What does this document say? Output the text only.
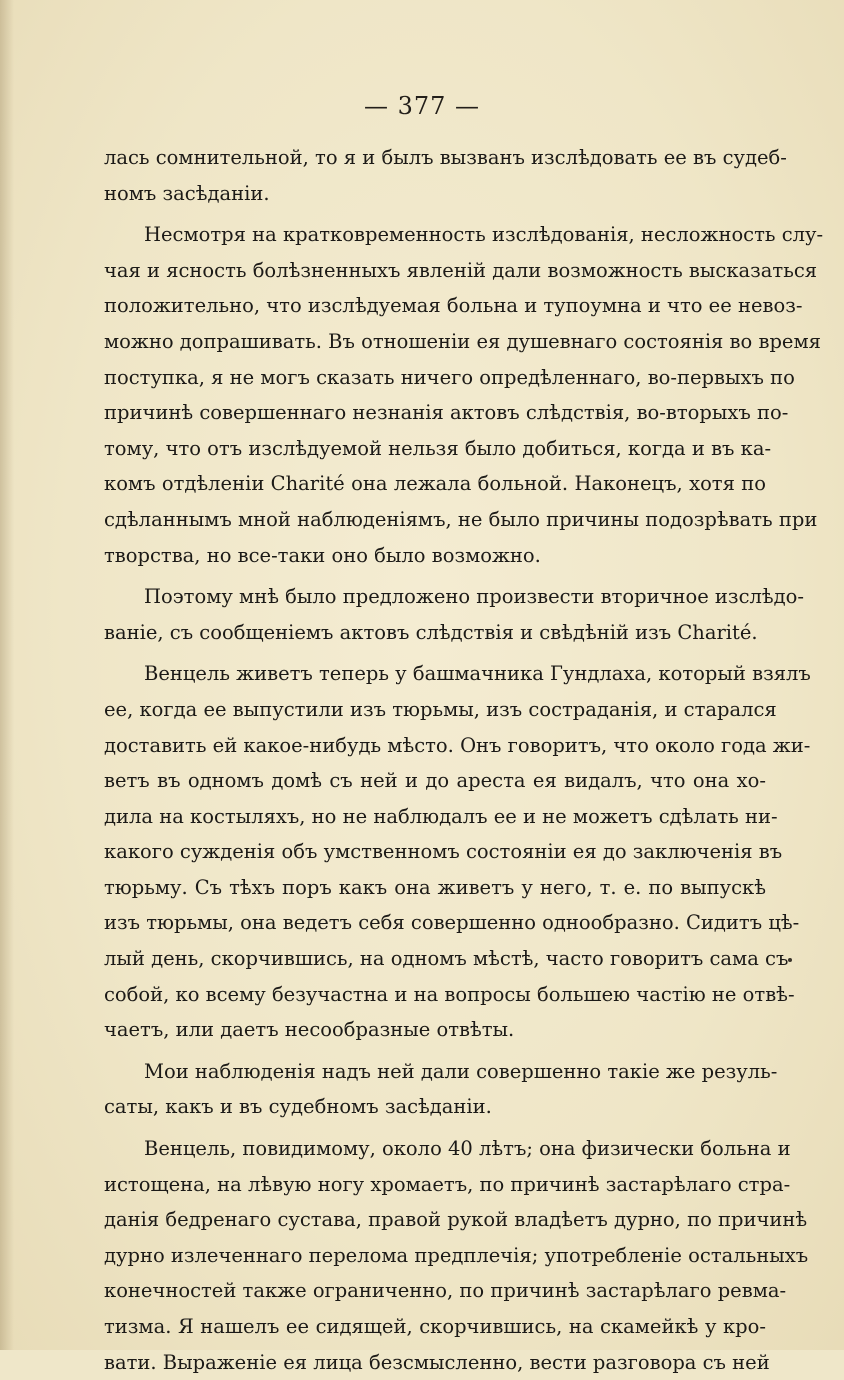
— 377 —
лась сомнительной, то я и былъ вызванъ изслѣдовать ее въ судеб-
номъ засѣданіи.
Несмотря на кратковременность изслѣдованія, несложность слу-
чая и ясность болѣзненныхъ явленій дали возможность высказаться
положительно, что изслѣдуемая больна и тупоумна и что ее невоз-
можно допрашивать. Въ отношеніи ея душевнаго состоянія во время
поступка, я не могъ сказать ничего опредѣленнаго, во-первыхъ по
причинѣ совершеннаго незнанія актовъ слѣдствія, во-вторыхъ по-
тому, что отъ изслѣдуемой нельзя было добиться, когда и въ ка-
комъ отдѣленіи Charité она лежала больной. Наконецъ, хотя по
сдѣланнымъ мной наблюденіямъ, не было причины подозрѣвать при
творства, но все-таки оно было возможно.
Поэтому мнѣ было предложено произвести вторичное изслѣдо-
ваніе, съ сообщеніемъ актовъ слѣдствія и свѣдѣній изъ Charité.
Венцель живетъ теперь у башмачника Гундлаха, который взялъ
ее, когда ее выпустили изъ тюрьмы, изъ состраданія, и старался
доставить ей какое-нибудь мѣсто. Онъ говоритъ, что около года жи-
ветъ въ одномъ домѣ съ ней и до ареста ея видалъ, что она хо-
дила на костыляхъ, но не наблюдалъ ее и не можетъ сдѣлать ни-
какого сужденія объ умственномъ состояніи ея до заключенія въ
тюрьму. Съ тѣхъ поръ какъ она живетъ у него, т. е. по выпускѣ
изъ тюрьмы, она ведетъ себя совершенно однообразно. Сидитъ цѣ-
лый день, скорчившись, на одномъ мѣстѣ, часто говоритъ сама съ
собой, ко всему безучастна и на вопросы большею частію не отвѣ-
чаетъ, или даетъ несообразные отвѣты.
Мои наблюденія надъ ней дали совершенно такіе же резуль-
саты, какъ и въ судебномъ засѣданіи.
Венцель, повидимому, около 40 лѣтъ; она физически больна и
истощена, на лѣвую ногу хромаетъ, по причинѣ застарѣлаго стра-
данія бедренаго сустава, правой рукой владѣетъ дурно, по причинѣ
дурно излеченнаго перелома предплечія; употребленіе остальныхъ
конечностей также ограниченно, по причинѣ застарѣлаго ревма-
тизма. Я нашелъ ее сидящей, скорчившись, на скамейкѣ у кро-
вати. Выраженіе ея лица безсмысленно, вести разговора съ ней
